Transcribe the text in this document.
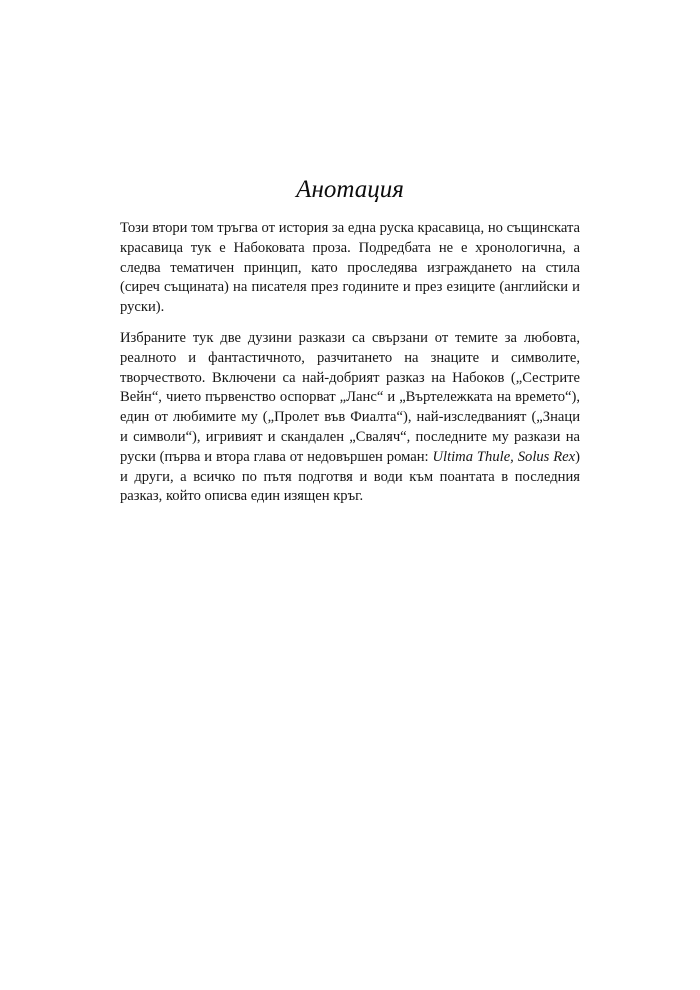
Анотация

Този втори том тръгва от история за една руска красавица, но същинската красавица тук е Набоковата проза. Подредбата не е хронологична, а следва тематичен принцип, като проследява изграждането на стила (сиреч същината) на писателя през годините и през езиците (английски и руски).

Избраните тук две дузини разкази са свързани от темите за любовта, реалното и фантастичното, разчитането на знаците и символите, творчеството. Включени са най-добрият разказ на Набоков („Сестрите Вейн“, чието първенство оспорват „Ланс“ и „Въртележката на времето“), един от любимите му („Пролет във Фиалта“), най-изследваният („Знаци и символи“), игривият и скандален „Сваляч“, последните му разкази на руски (първа и втора глава от недовършен роман: Ultima Thule, Solus Rex) и други, а всичко по пътя подготвя и води към поантата в последния разказ, който описва един изящен кръг.
